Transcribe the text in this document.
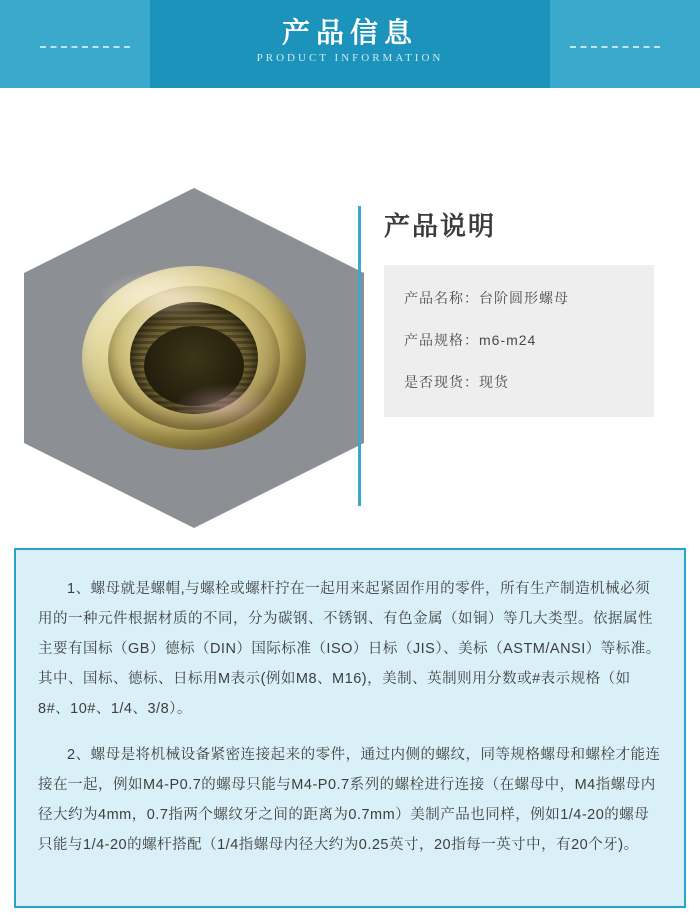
产品信息

PRODUCT INFORMATION

产品说明
产品名称：台阶圆形螺母
产品规格：m6-m24
是否现货：现货

1、螺母就是螺帽,与螺栓或螺杆拧在一起用来起紧固作用的零件，所有生产制造机械必须用的一种元件根据材质的不同，分为碳钢、不锈钢、有色金属（如铜）等几大类型。依据属性主要有国标（GB）德标（DIN）国际标准（ISO）日标（JIS）、美标（ASTM/ANSI）等标准。其中、国标、德标、日标用M表示(例如M8、M16)，美制、英制则用分数或#表示规格（如8#、10#、1/4、3/8）。

2、螺母是将机械设备紧密连接起来的零件，通过内侧的螺纹，同等规格螺母和螺栓才能连接在一起，例如M4-P0.7的螺母只能与M4-P0.7系列的螺栓进行连接（在螺母中，M4指螺母内径大约为4mm，0.7指两个螺纹牙之间的距离为0.7mm）美制产品也同样，例如1/4-20的螺母只能与1/4-20的螺杆搭配（1/4指螺母内径大约为0.25英寸，20指每一英寸中，有20个牙)。
